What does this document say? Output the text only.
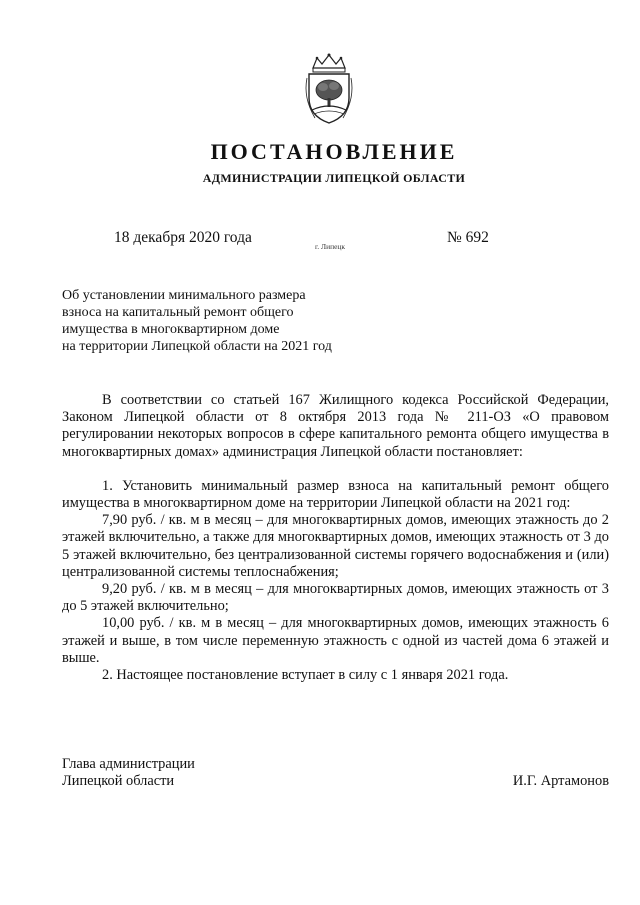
ПОСТАНОВЛЕНИЕ
АДМИНИСТРАЦИИ ЛИПЕЦКОЙ ОБЛАСТИ
18 декабря 2020 года
г. Липецк
№ 692
Об установлении минимального размера
взноса на капитальный ремонт общего
имущества в многоквартирном доме
на территории Липецкой области на 2021 год

В соответствии со статьей 167 Жилищного кодекса Российской Федерации, Законом Липецкой области от 8 октября 2013 года № 211-ОЗ «О правовом регулировании некоторых вопросов в сфере капитального ремонта общего имущества в многоквартирных домах» администрация Липецкой области постановляет:

1. Установить минимальный размер взноса на капитальный ремонт общего имущества в многоквартирном доме на территории Липецкой области на 2021 год:

7,90 руб. / кв. м в месяц – для многоквартирных домов, имеющих этажность до 2 этажей включительно, а также для многоквартирных домов, имеющих этажность от 3 до 5 этажей включительно, без централизованной системы горячего водоснабжения и (или) централизованной системы теплоснабжения;

9,20 руб. / кв. м в месяц – для многоквартирных домов, имеющих этажность от 3 до 5 этажей включительно;

10,00 руб. / кв. м в месяц – для многоквартирных домов, имеющих этажность 6 этажей и выше, в том числе переменную этажность с одной из частей дома 6 этажей и выше.

2. Настоящее постановление вступает в силу с 1 января 2021 года.

Глава администрации
Липецкой области	И.Г. Артамонов
